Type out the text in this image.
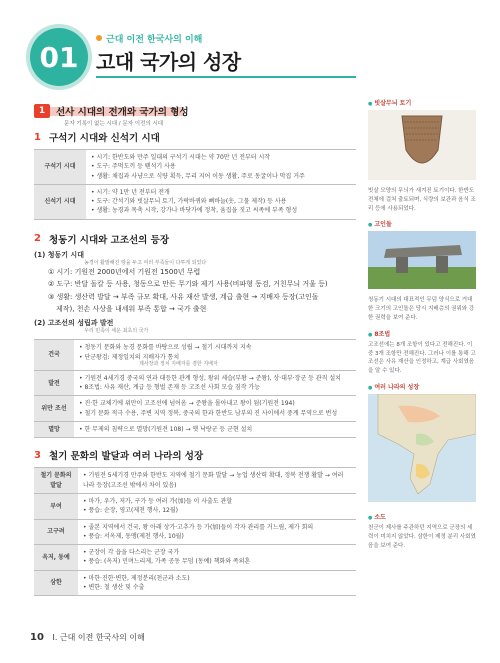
01
근대 이전 한국사의 이해
고대 국가의 성장
1	선사 시대의 전개와 국가의 형성
문자 기록이 없는 시대 / 문자 이전의 시대
1 구석기 시대와 신석기 시대
구석기 시대	• 시기: 한반도와 만주 일대의 구석기 시대는 약 70만 년 전부터 시작
• 도구: 주먹도끼 등 뗀석기 사용
• 생활: 채집과 사냥으로 식량 획득, 무리 지어 이동 생활, 주로 동굴이나 막집 거주

신석기 시대	• 시기: 약 1만 년 전부터 전개
• 도구: 간석기와 빗살무늬 토기, 가락바퀴와 뼈바늘(옷, 그물 제작) 등 사용
• 생활: 농경과 목축 시작, 강가나 바닷가에 정착, 움집을 짓고 씨족에 부족 형성
2 청동기 시대와 고조선의 등장
(1) 청동기 시대
농경이 활발해진 땅을 두고 여러 부족들이 다투게 되었다
① 시기: 기원전 2000년에서 기원전 1500년 무렵
② 도구: 반달 돌칼 등 사용, 청동으로 만든 무기와 제기 사용(비파형 동검, 거친무늬 거울 등)
③ 생활: 생산력 발달 → 부족 규모 확대, 사유 재산 발생, 계급 출현 → 지배자 등장(고인돌
제작), 천손 사상을 내세워 부족 통합 → 국가 출현
(2) 고조선의 성립과 발전
우리 민족이 세운 최초의 국가
건국	• 청동기 문화와 농경 문화를 바탕으로 성립 → 철기 시대까지 지속
• 단군왕검: 제정일치의 지배자가 통치
제사장과 정치 지배자를 겸한 지배자

발전	• 기원전 4세기경 중국의 연과 대등한 관계 형성, 왕위 세습(부왕 → 준왕), 상·대부·장군 등 관직 설치
• 8조법: 사유 재산, 계급 등 형벌 존재 등 고조선 사회 모습 짐작 가능

위만 조선	• 진·한 교체기에 위만이 고조선에 넘어옴 → 준왕을 몰아내고 왕이 됨(기원전 194)
• 철기 문화 적극 수용, 주변 지역 정복, 중국의 한과 한반도 남부의 진 사이에서 중계 무역으로 번성

멸망	• 한 무제의 침략으로 멸망(기원전 108) → 옛 낙랑군 등 군현 설치
3 철기 문화의 발달과 여러 나라의 성장
철기 문화의 발달	• 기원전 5세기경 만주와 한반도 지역에 철기 문화 발달 → 농업 생산력 확대, 정복 전쟁 활발 → 여러 나라 등장(고조선 밖에서 차이 있음)

부여	• 마가, 우가, 저가, 구가 등 여러 가(加)들 이 사출도 관할
• 풍습: 순장, 영고(제천 행사, 12월)

고구려	• 졸본 지역에서 건국, 왕 아래 상가·고추가 등 가(加)들이 각자 관리를 거느림, 제가 회의
• 풍습: 서옥제, 동맹(제천 행사, 10월)

옥저, 동예	• 군장이 각 읍을 다스리는 군장 국가
• 풍습: (옥저) 민며느리제, 가족 공동 무덤 (동예) 책화와 족외혼

삼한	• 마한·진한·변한, 제정분리(천군과 소도)
• 변한: 철 생산 및 수출
● 빗살무늬 토기
빗살 모양의 무늬가 새겨진 토기이다. 한반도 전체에 걸쳐 출토되며, 식량의 보관과 음식 조리 등에 사용되었다.
● 고인돌
청동기 시대의 대표적인 무덤 양식으로 거대한 크기의 고인돌은 당시 지배층의 권위와 강한 권력을 보여 준다.
● 8조법
고조선에는 8개 조항이 있다고 전해진다. 이 중 3개 조항만 전해진다. 그러나 이를 통해 고조선은 사유 재산을 인정하고, 계급 사회였음을 알 수 있다.
● 여러 나라의 성장
● 소도
천군이 제사를 주관하던 지역으로 군장의 세력이 미치지 않았다. 삼한이 제정 분리 사회였음을 보여 준다.
10 I. 근대 이전 한국사의 이해
